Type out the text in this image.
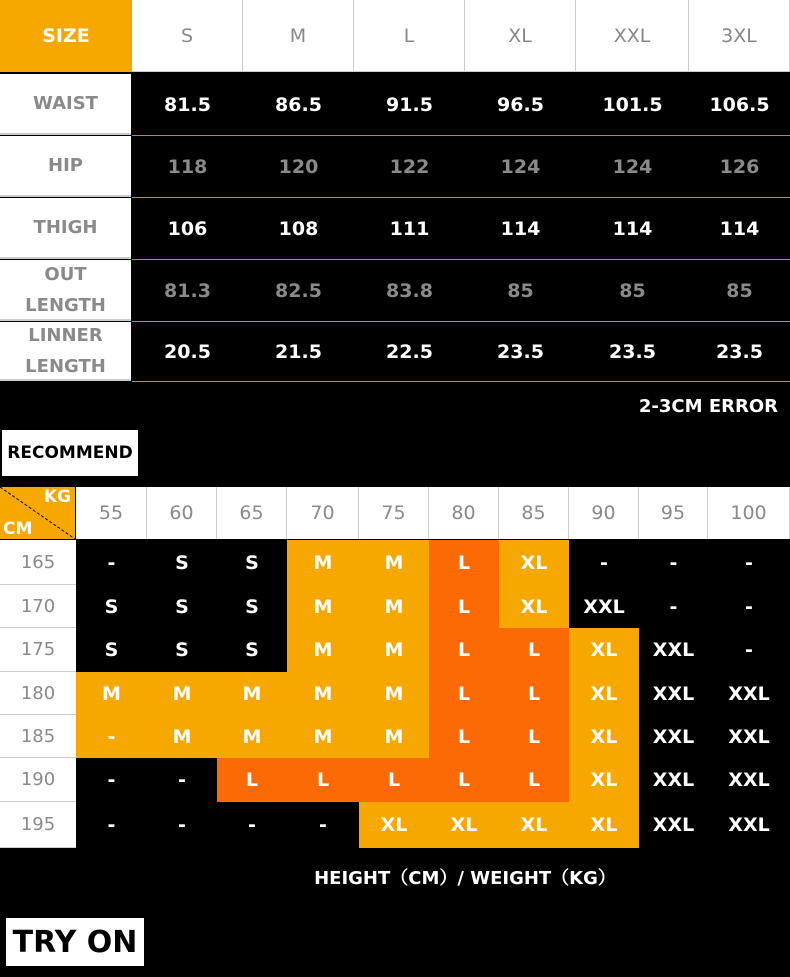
SIZE	S	M	L	XL	XXL	3XL
WAIST	81.5	86.5	91.5	96.5	101.5	106.5
HIP	118	120	122	124	124	126
THIGH	106	108	111	114	114	114
OUT
LENGTH
81.3	82.5	83.8	85	85	85
LINNER
LENGTH
20.5	21.5	22.5	23.5	23.5	23.5
2-3CM ERROR
RECOMMEND
KG
CM
55	60	65	70	75	80	85	90	95	100
165	-	S	S	M	M	L	XL	-	-	-
170	S	S	S	M	M	L	XL	XXL	-	-
175	S	S	S	M	M	L	L	XL	XXL	-
180	M	M	M	M	M	L	L	XL	XXL	XXL
185	-	M	M	M	M	L	L	XL	XXL	XXL
190	-	-	L	L	L	L	L	XL	XXL	XXL
195	-	-	-	-	XL	XL	XL	XL	XXL	XXL
HEIGHT（CM）/ WEIGHT（KG）
TRY ON
